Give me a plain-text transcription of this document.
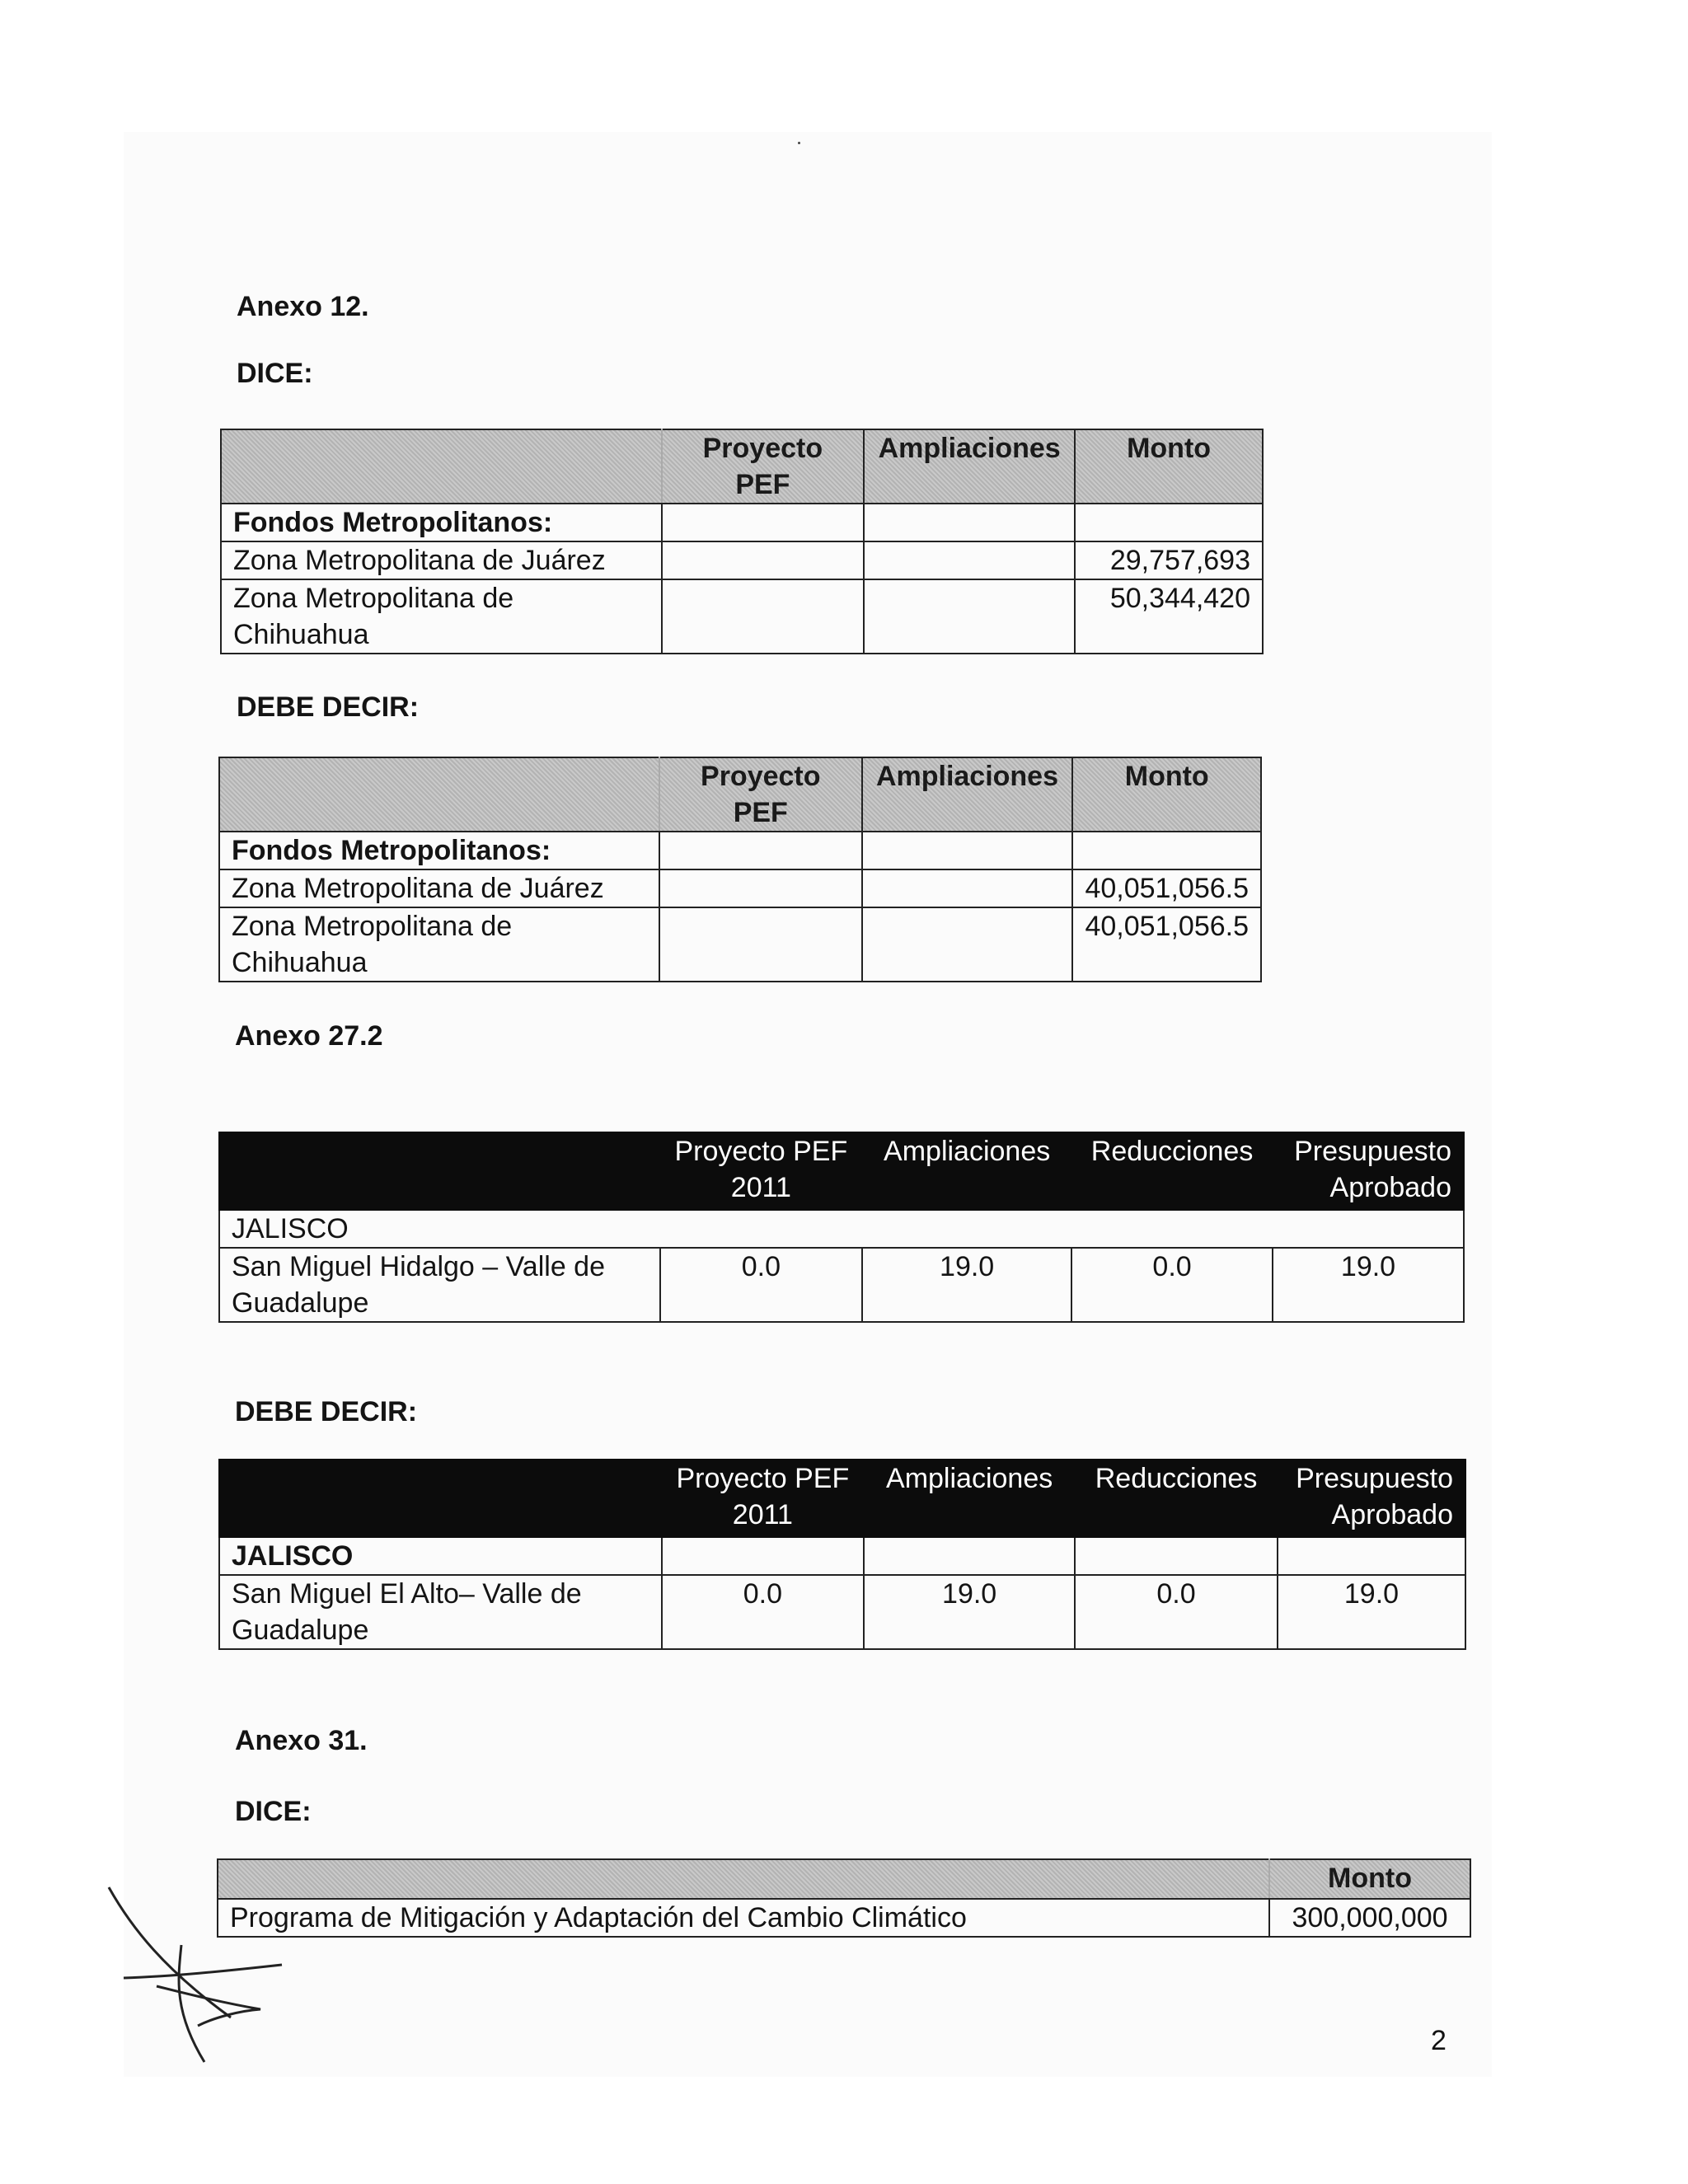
Anexo 12.
DICE:
	Proyecto PEF	Ampliaciones	Monto
Fondos Metropolitanos:			
Zona Metropolitana de Juárez			29,757,693
Zona Metropolitana de Chihuahua			50,344,420
DEBE DECIR:
	Proyecto PEF	Ampliaciones	Monto
Fondos Metropolitanos:			
Zona Metropolitana de Juárez			40,051,056.5
Zona Metropolitana de Chihuahua			40,051,056.5
Anexo 27.2
	Proyecto PEF 2011	Ampliaciones	Reducciones	Presupuesto Aprobado
JALISCO				
San Miguel Hidalgo – Valle de Guadalupe	0.0	19.0	0.0	19.0
DEBE DECIR:
	Proyecto PEF 2011	Ampliaciones	Reducciones	Presupuesto Aprobado
JALISCO				
San Miguel El Alto– Valle de Guadalupe	0.0	19.0	0.0	19.0
Anexo 31.
DICE:
	Monto
Programa de Mitigación y Adaptación del Cambio Climático	300,000,000
2
